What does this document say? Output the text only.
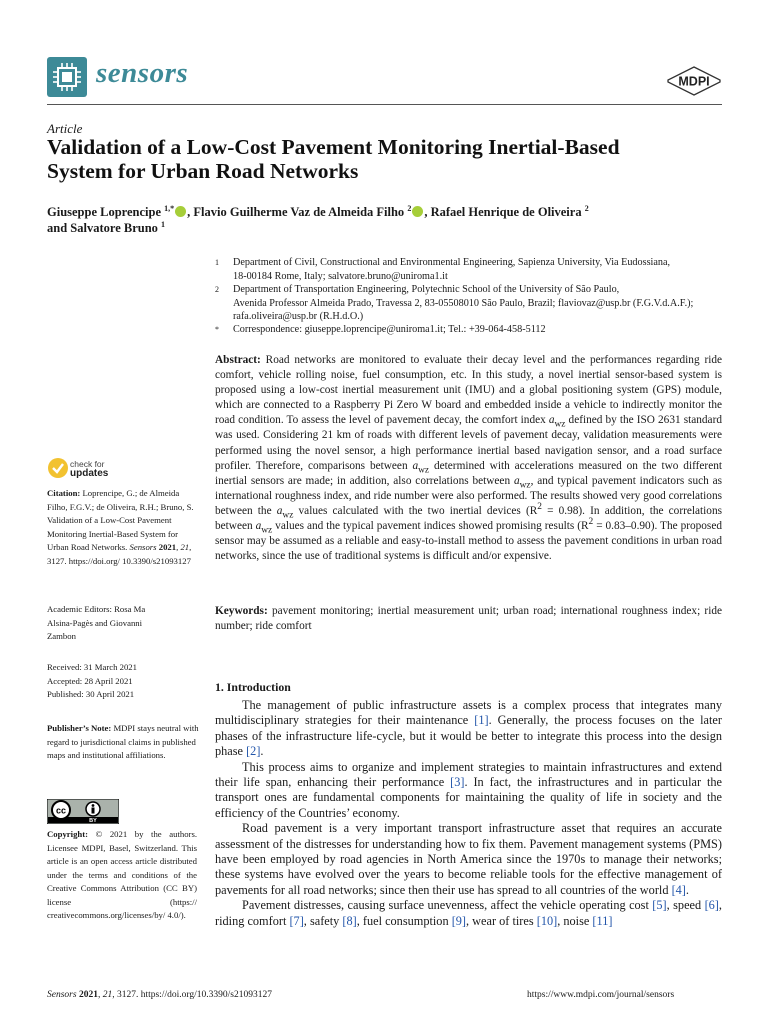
sensors	MDPI
Article
Validation of a Low-Cost Pavement Monitoring Inertial-Based
System for Urban Road Networks
Giuseppe Loprencipe $^{1,*}$ , Flavio Guilherme Vaz de Almeida Filho $^2$ , Rafael Henrique de Oliveira $^2$
and Salvatore Bruno $^1$
1 Department of Civil, Constructional and Environmental Engineering, Sapienza University, Via Eudossiana,
18-00184 Rome, Italy; salvatore.bruno@uniroma1.it
2 Department of Transportation Engineering, Polytechnic School of the University of São Paulo,
Avenida Professor Almeida Prado, Travessa 2, 83-05508010 São Paulo, Brazil; flaviοvaz@usp.br (F.G.V.d.A.F.);
rafa.oliveira@usp.br (R.H.d.O.)
* Correspondence: giuseppe.loprencipe@uniroma1.it; Tel.: +39-064-458-5112
Abstract: Road networks are monitored to evaluate their decay level and the performances regarding ride comfort, vehicle rolling noise, fuel consumption, etc. In this study, a novel inertial sensor-based system is proposed using a low-cost inertial measurement unit (IMU) and a global positioning system (GPS) module, which are connected to a Raspberry Pi Zero W board and embedded inside a vehicle to indirectly monitor the road condition. To assess the level of pavement decay, the comfort index $a_{wz}$ defined by the ISO 2631 standard was used. Considering 21 km of roads with different levels of pavement decay, validation measurements were performed using the novel sensor, a high performance inertial based navigation sensor, and a road surface profiler. Therefore, comparisons between $a_{wz}$ determined with accelerations measured on the two different inertial sensors are made; in addition, also correlations between $a_{wz}$, and typical pavement indicators such as international roughness index, and ride number were also performed. The results showed very good correlations between the $a_{wz}$ values calculated with the two inertial devices $(R^2 = 0.98)$. In addition, the correlations between $a_{wz}$ values and the typical pavement indices showed promising results $(R^2 = 0.83-0.90)$. The proposed sensor may be assumed as a reliable and easy-to-install method to assess the pavement conditions in urban road networks, since the use of traditional systems is difficult and/or expensive.
Keywords: pavement monitoring; inertial measurement unit; urban road; international roughness index; ride number; ride comfort
check for
updates
Citation: Loprencipe, G.; de Almeida Filho, F.G.V.; de Oliveira, R.H.; Bruno, S. Validation of a Low-Cost Pavement Monitoring Inertial-Based System for Urban Road Networks. Sensors 2021, 21, 3127. https://doi.org/ 10.3390/s21093127
Academic Editors: Rosa Ma Alsina-Pagès and Giovanni Zambon
Received: 31 March 2021
Accepted: 28 April 2021
Published: 30 April 2021
Publisher’s Note: MDPI stays neutral with regard to jurisdictional claims in published maps and institutional affiliations.
cc
BY
Copyright: © 2021 by the authors. Licensee MDPI, Basel, Switzerland. This article is an open access article distributed under the terms and conditions of the Creative Commons Attribution (CC BY) license (https:// creativecommons.org/licenses/by/ 4.0/).
1. Introduction

The management of public infrastructure assets is a complex process that integrates many multidisciplinary strategies for their maintenance [1]. Generally, the process focuses on the later phases of the infrastructure life-cycle, but it would be better to integrate this process into the design phase [2].

This process aims to organize and implement strategies to maintain infrastructures and extend their life span, enhancing their performance [3]. In fact, the infrastructures and in particular the transport ones are fundamental components for maintaining the quality of life in society and the efficiency of the Countries’ economy.

Road pavement is a very important transport infrastructure asset that requires an accurate assessment of the distresses for understanding how to fix them. Pavement management systems (PMS) have been employed by road agencies in North America since the 1970s to manage their networks; these systems have evolved over the years to become reliable tools for the effective management of pavements for all road networks; since then their use has spread to all countries of the world [4].

Pavement distresses, causing surface unevenness, affect the vehicle operating cost [5], speed [6], riding comfort [7], safety [8], fuel consumption [9], wear of tires [10], noise [11]

Sensors 2021, 21, 3127. https://doi.org/10.3390/s21093127	https://www.mdpi.com/journal/sensors
